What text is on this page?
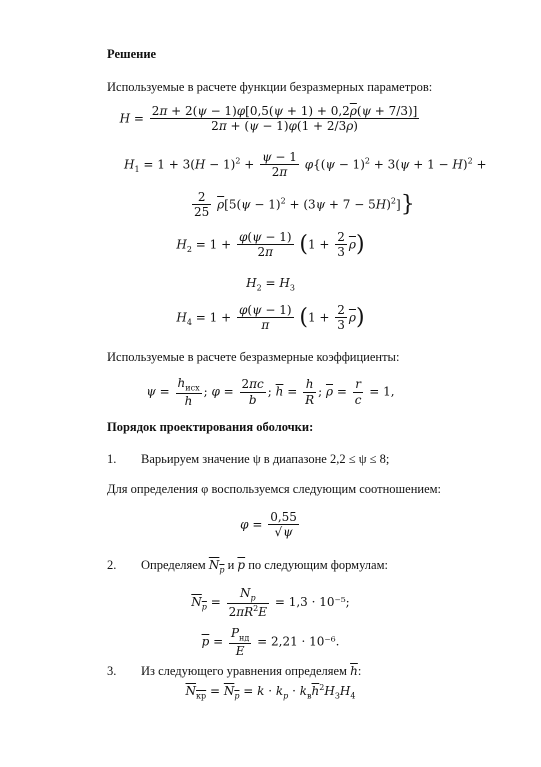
Решение
Используемые в расчете функции безразмерных параметров:
$H = \frac{2\pi + 2(\psi - 1)\varphi[0,5(\psi + 1) + 0,2\overline{\rho}(\psi + 7/3)]}{2\pi + (\psi - 1)\varphi(1 + 2/3\overline{\rho})}$
$H_1 = 1 + 3(H - 1)^2 + \frac{\psi - 1}{2\pi} \varphi\{(\psi - 1)^2 + 3(\psi + 1 - H)^2$ +
$\frac{2}{25} \overline{\rho}[5(\psi - 1)^2 + (3\psi + 7 - 5H)^2]$}
$H_2 = 1 + \frac{\varphi(\psi - 1)}{2\pi} (1 + \frac{2}{3} \overline{\rho})$
$H_2 = H_3$
$H_4 = 1 + \frac{\varphi(\psi - 1)}{\pi} (1 + \frac{2}{3} \overline{\rho})$
Используемые в расчете безразмерные коэффициенты:
$\psi = \frac{h_{исх}}{h}$ ; $\varphi = \frac{2\pi c}{b}$ ; $\overline{h} = \frac{h}{R}$ ; $\overline{\rho} = \frac{r}{c} = 1$,
Порядок проектирования оболочки:
1. Варьируем значение ψ в диапазоне 2,2 ≤ ψ ≤ 8;
Для определения φ воспользуемся следующим соотношением:
$\varphi = \frac{0,55}{√\psi}$
2. Определяем $N_p$ и $\overline{p}$ по следующим формулам:
$N_p = \frac{N_p}{2\pi R^2E} = 1,3 \cdot 10^{-5}$;
$\overline{p} = \frac{P_{нд}}{E} = 2,21 \cdot 10^{-6}$.
3. Из следующего уравнения определяем $\overline{h}$:
$N_{кр} = N_p = k \cdot k_p \cdot k_в\overline{h}^2H_3H_4$
